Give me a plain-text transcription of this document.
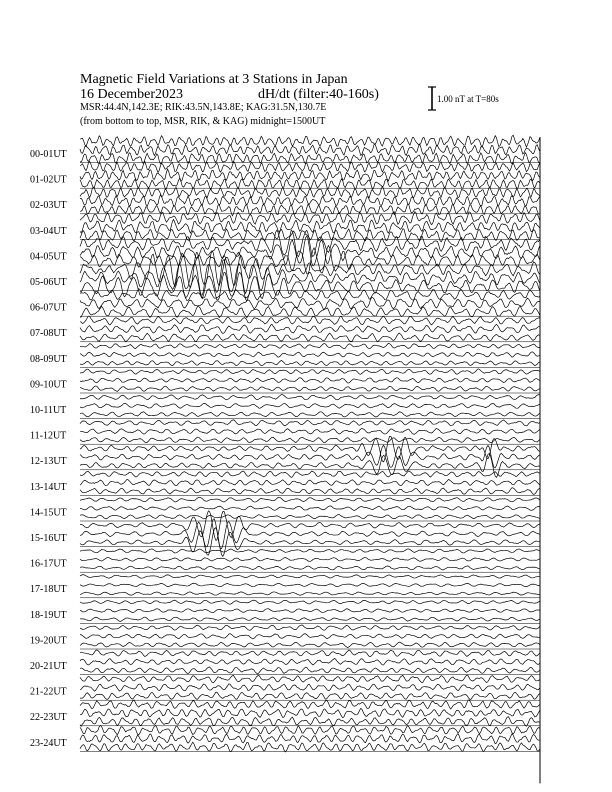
Magnetic Field Variations at 3 Stations in Japan
16 December2023	dH/dt (filter:40-160s)
MSR:44.4N,142.3E; RIK:43.5N,143.8E; KAG:31.5N,130.7E
(from bottom to top, MSR, RIK, & KAG) midnight=1500UT
1.00 nT at T=80s
00-01UT
01-02UT
02-03UT
03-04UT
04-05UT
05-06UT
06-07UT
07-08UT
08-09UT
09-10UT
10-11UT
11-12UT
12-13UT
13-14UT
14-15UT
15-16UT
16-17UT
17-18UT
18-19UT
19-20UT
20-21UT
21-22UT
22-23UT
23-24UT
